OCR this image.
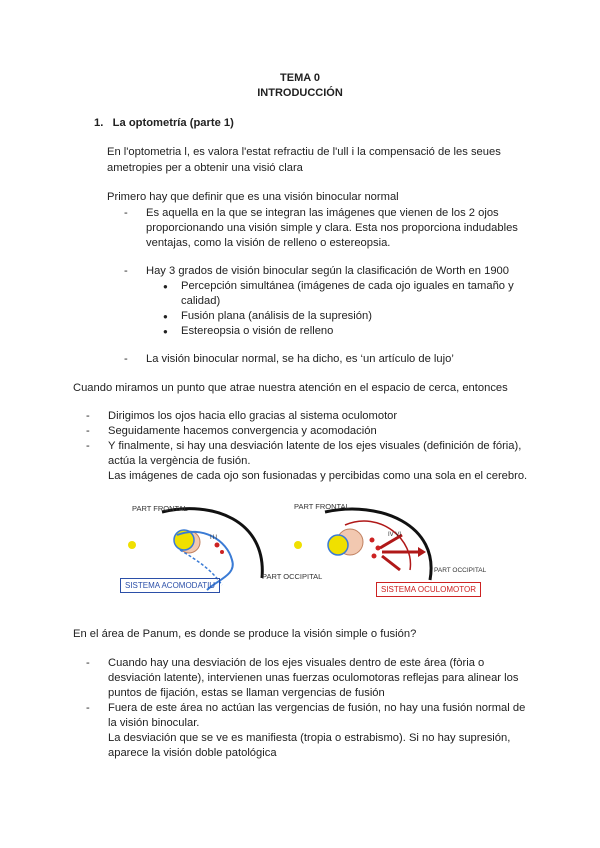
TEMA 0
INTRODUCCIÓN
1.   La optometría (parte 1)
En l'optometria l, es valora l'estat refractiu de l'ull i la compensació de les seues
ametropies per a obtenir una visió clara
Primero hay que definir que es una visión binocular normal
- Es aquella en la que se integran las imágenes que vienen de los 2 ojos
proporcionando una visión simple y clara. Esta nos proporciona indudables
ventajas, como la visión de relleno o estereopsia.
- Hay 3 grados de visión binocular según la clasificación de Worth en 1900
● Percepción simultánea (imágenes de cada ojo iguales en tamaño y
calidad)
● Fusión plana (análisis de la supresión)
● Estereopsia o visión de relleno
- La visión binocular normal, se ha dicho, es ‘un artículo de lujo’
Cuando miramos un punto que atrae nuestra atención en el espacio de cerca, entonces
- Dirigimos los ojos hacia ello gracias al sistema oculomotor
- Seguidamente hacemos convergencia y acomodación
- Y finalmente, si hay una desviación latente de los ejes visuales (definición de fória),
actúa la vergència de fusión.
Las imágenes de cada ojo son fusionadas y percibidas como una sola en el cerebro.
PART FRONTAL
III
PART OCCIPITAL
SISTEMA ACOMODATIU
PART FRONTAL
IV VI
PART OCCIPITAL
SISTEMA OCULOMOTOR
En el área de Panum, es donde se produce la visión simple o fusión?
- Cuando hay una desviación de los ejes visuales dentro de este área (fòria o
desviación latente), intervienen unas fuerzas oculomotoras reflejas para alinear los
puntos de fijación, estas se llaman vergencias de fusión
- Fuera de este área no actúan las vergencias de fusión, no hay una fusión normal de
la visión binocular.
La desviación que se ve es manifiesta (tropia o estrabismo). Si no hay supresión,
aparece la visión doble patológica
